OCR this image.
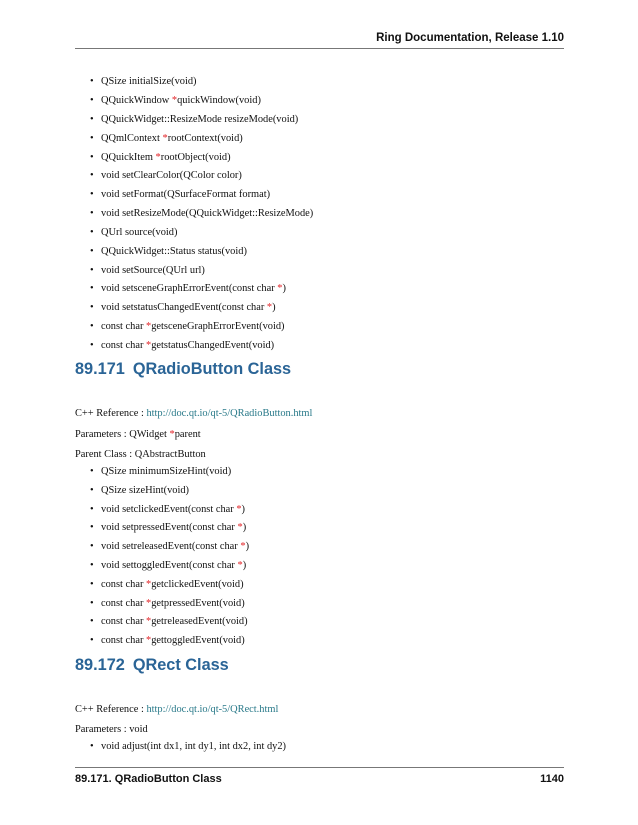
Ring Documentation, Release 1.10
• QSize initialSize(void)
• QQuickWindow *quickWindow(void)
• QQuickWidget::ResizeMode resizeMode(void)
• QQmlContext *rootContext(void)
• QQuickItem *rootObject(void)
• void setClearColor(QColor color)
• void setFormat(QSurfaceFormat format)
• void setResizeMode(QQuickWidget::ResizeMode)
• QUrl source(void)
• QQuickWidget::Status status(void)
• void setSource(QUrl url)
• void setsceneGraphErrorEvent(const char *)
• void setstatusChangedEvent(const char *)
• const char *getsceneGraphErrorEvent(void)
• const char *getstatusChangedEvent(void)
89.171 QRadioButton Class
C++ Reference : http://doc.qt.io/qt-5/QRadioButton.html
Parameters : QWidget *parent
Parent Class : QAbstractButton
• QSize minimumSizeHint(void)
• QSize sizeHint(void)
• void setclickedEvent(const char *)
• void setpressedEvent(const char *)
• void setreleasedEvent(const char *)
• void settoggledEvent(const char *)
• const char *getclickedEvent(void)
• const char *getpressedEvent(void)
• const char *getreleasedEvent(void)
• const char *gettoggledEvent(void)
89.172 QRect Class
C++ Reference : http://doc.qt.io/qt-5/QRect.html
Parameters : void
• void adjust(int dx1, int dy1, int dx2, int dy2)
89.171. QRadioButton Class	1140
